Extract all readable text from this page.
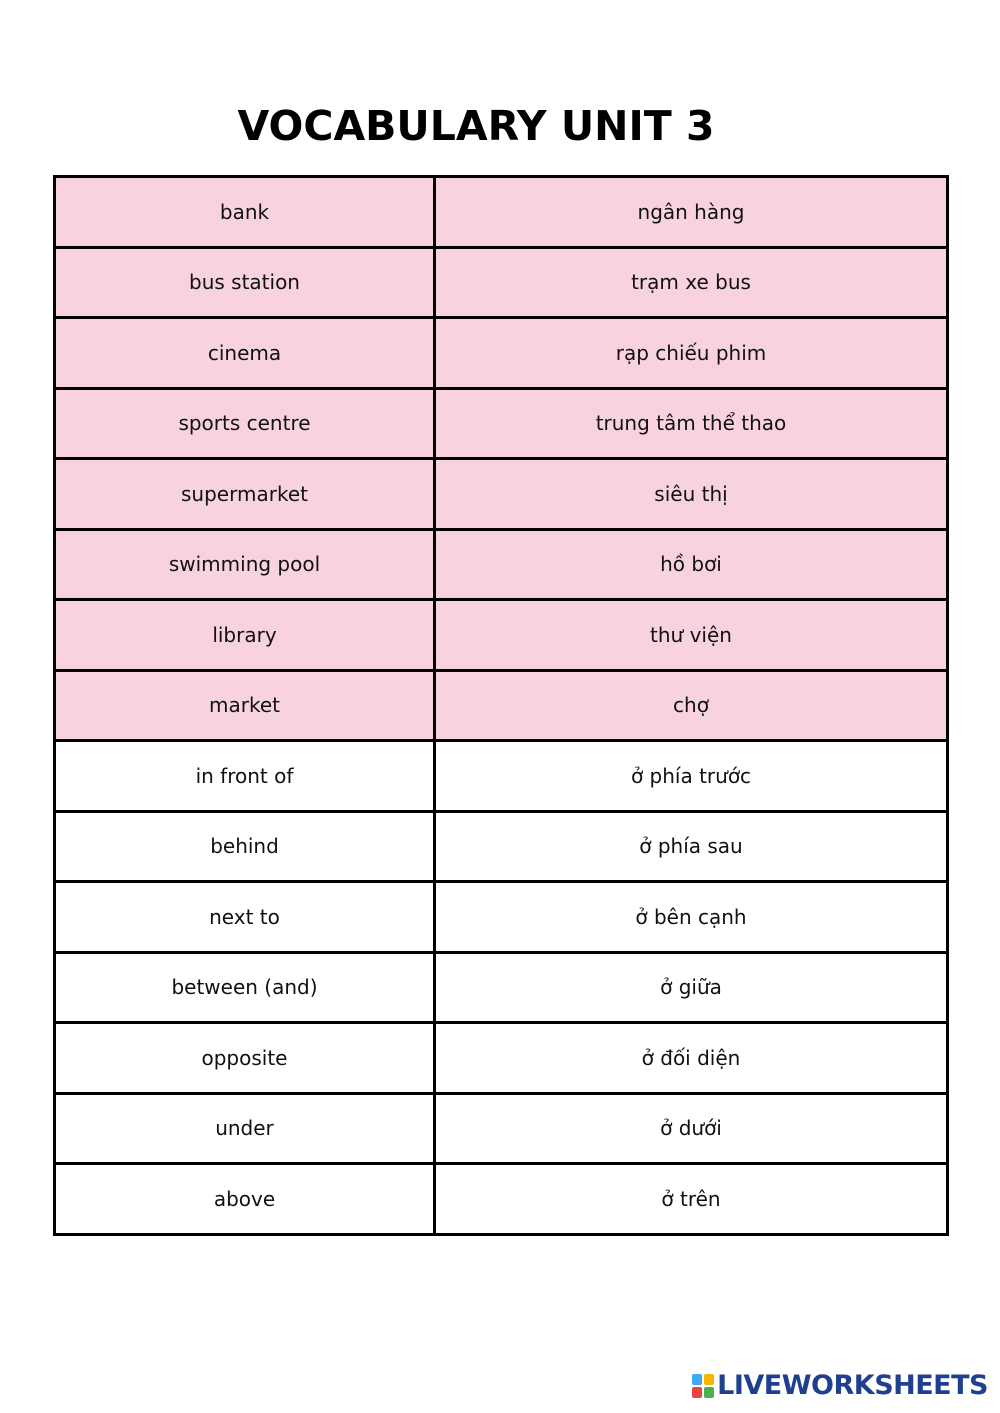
VOCABULARY UNIT 3
bank	ngân hàng
bus station	trạm xe bus
cinema	rạp chiếu phim
sports centre	trung tâm thể thao
supermarket	siêu thị
swimming pool	hồ bơi
library	thư viện
market	chợ
in front of	ở phía trước
behind	ở phía sau
next to	ở bên cạnh
between (and)	ở giữa
opposite	ở đối diện
under	ở dưới
above	ở trên
LIVEWORKSHEETS
